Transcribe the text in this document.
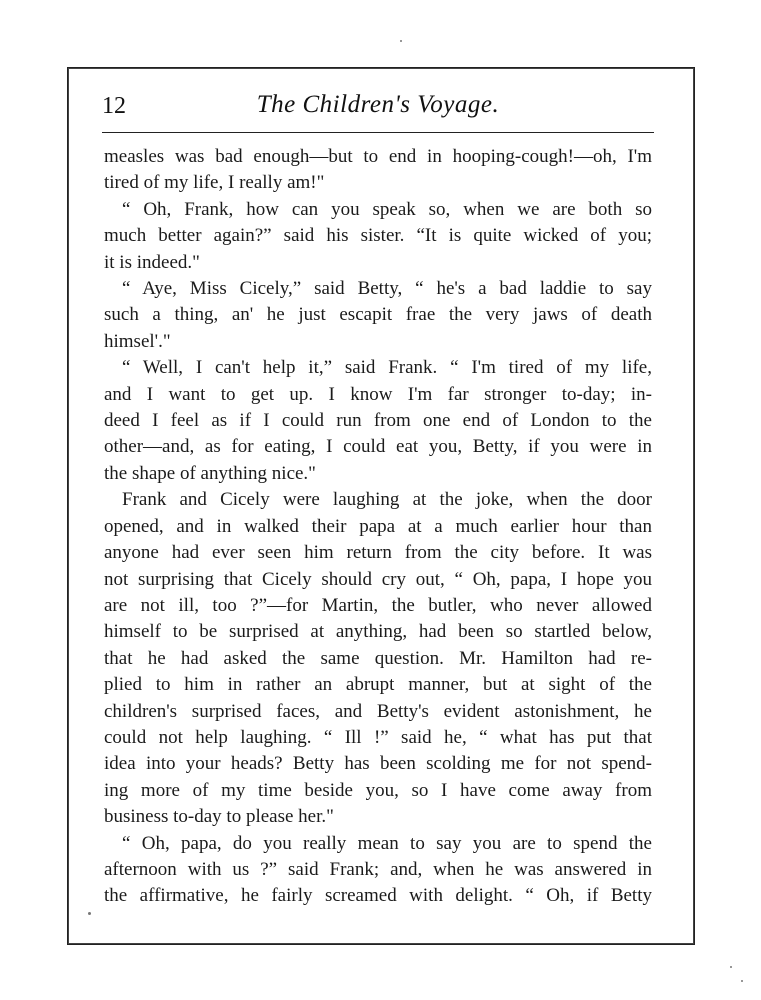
12	The Children's Voyage.
measles was bad enough—but to end in hooping-cough!—oh, I'm
tired of my life, I really am!"
“ Oh, Frank, how can you speak so, when we are both so
much better again?” said his sister. “It is quite wicked of you;
it is indeed."
“ Aye, Miss Cicely,” said Betty, “ he's a bad laddie to say
such a thing, an' he just escapit frae the very jaws of death
himsel'."
“ Well, I can't help it,” said Frank. “ I'm tired of my life,
and I want to get up. I know I'm far stronger to-day; in-
deed I feel as if I could run from one end of London to the
other—and, as for eating, I could eat you, Betty, if you were in
the shape of anything nice."
Frank and Cicely were laughing at the joke, when the door
opened, and in walked their papa at a much earlier hour than
anyone had ever seen him return from the city before. It was
not surprising that Cicely should cry out, “ Oh, papa, I hope you
are not ill, too ?”—for Martin, the butler, who never allowed
himself to be surprised at anything, had been so startled below,
that he had asked the same question. Mr. Hamilton had re-
plied to him in rather an abrupt manner, but at sight of the
children's surprised faces, and Betty's evident astonishment, he
could not help laughing. “ Ill !” said he, “ what has put that
idea into your heads? Betty has been scolding me for not spend-
ing more of my time beside you, so I have come away from
business to-day to please her."
“ Oh, papa, do you really mean to say you are to spend the
afternoon with us ?” said Frank; and, when he was answered in
the affirmative, he fairly screamed with delight. “ Oh, if Betty
